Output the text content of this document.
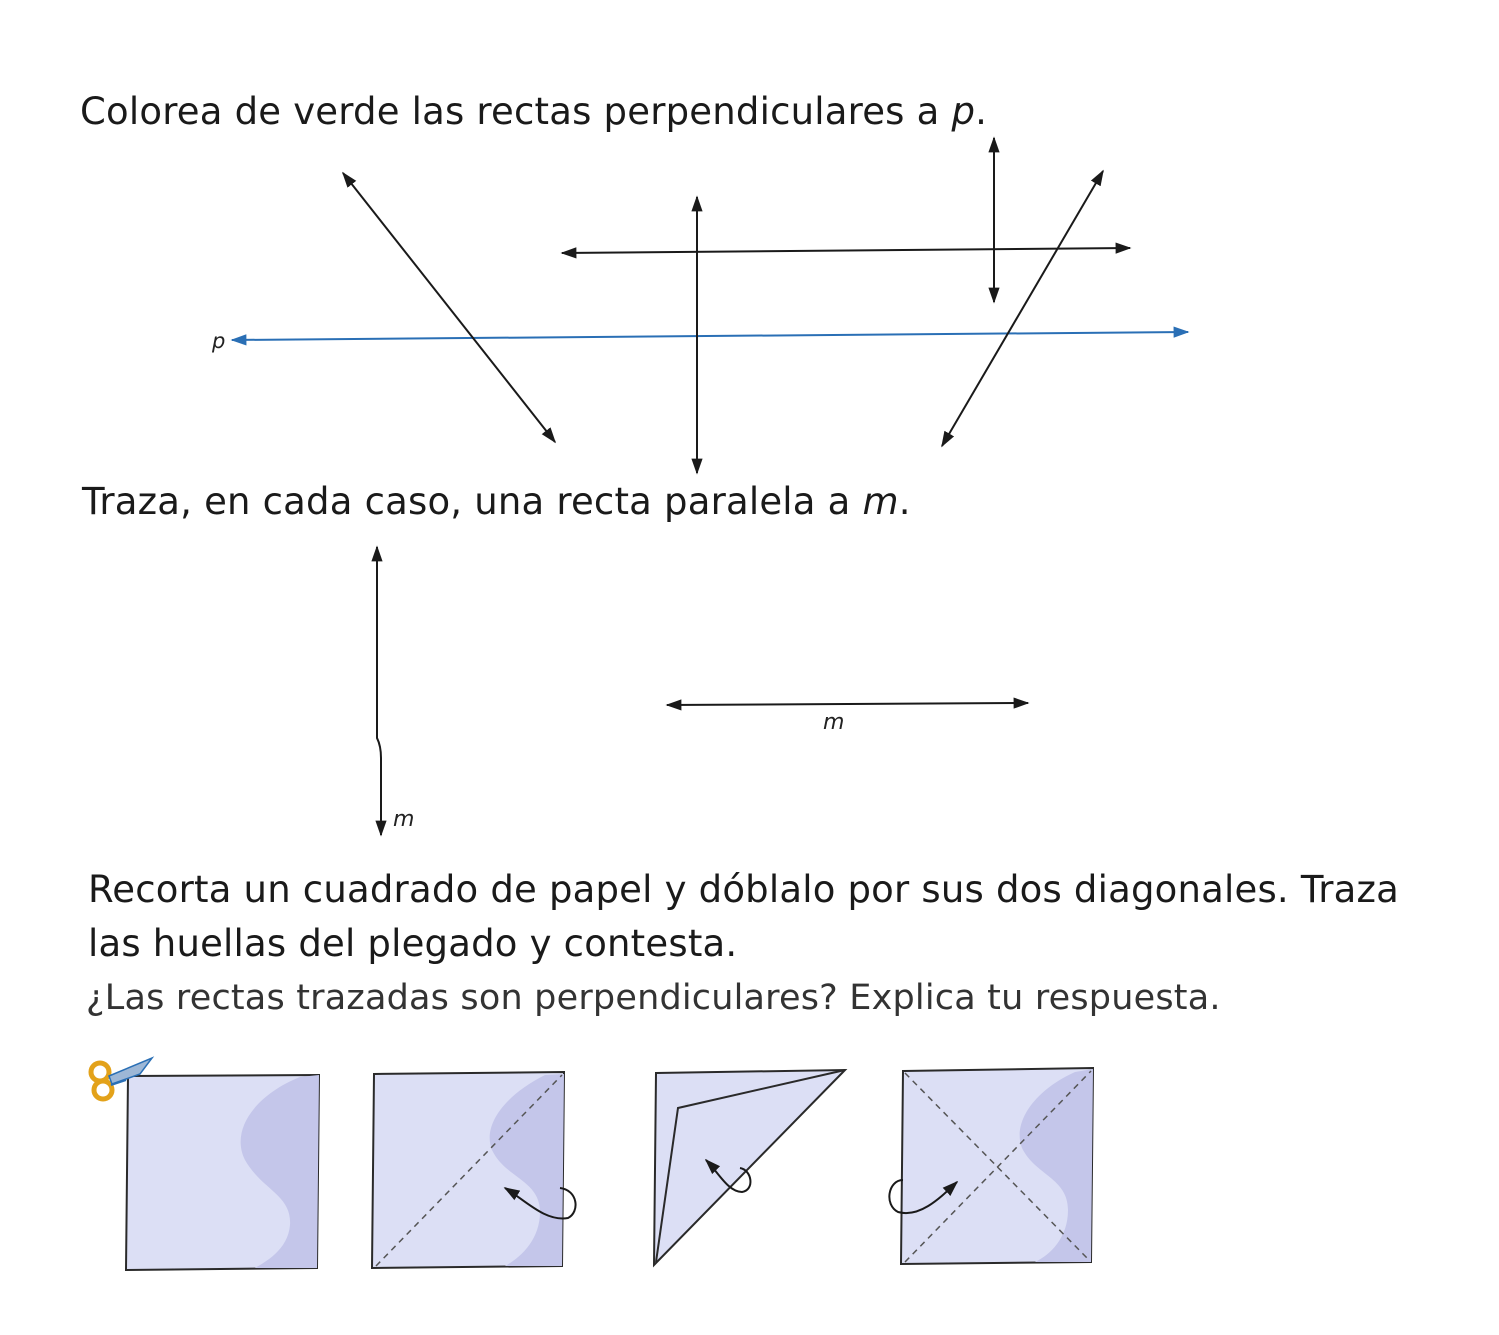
Colorea de verde las rectas perpendiculares a p.
Traza, en cada caso, una recta paralela a m.
Recorta un cuadrado de papel y dóblalo por sus dos diagonales. Traza
las huellas del plegado y contesta.
¿Las rectas trazadas son perpendiculares? Explica tu respuesta.
p
m
m
